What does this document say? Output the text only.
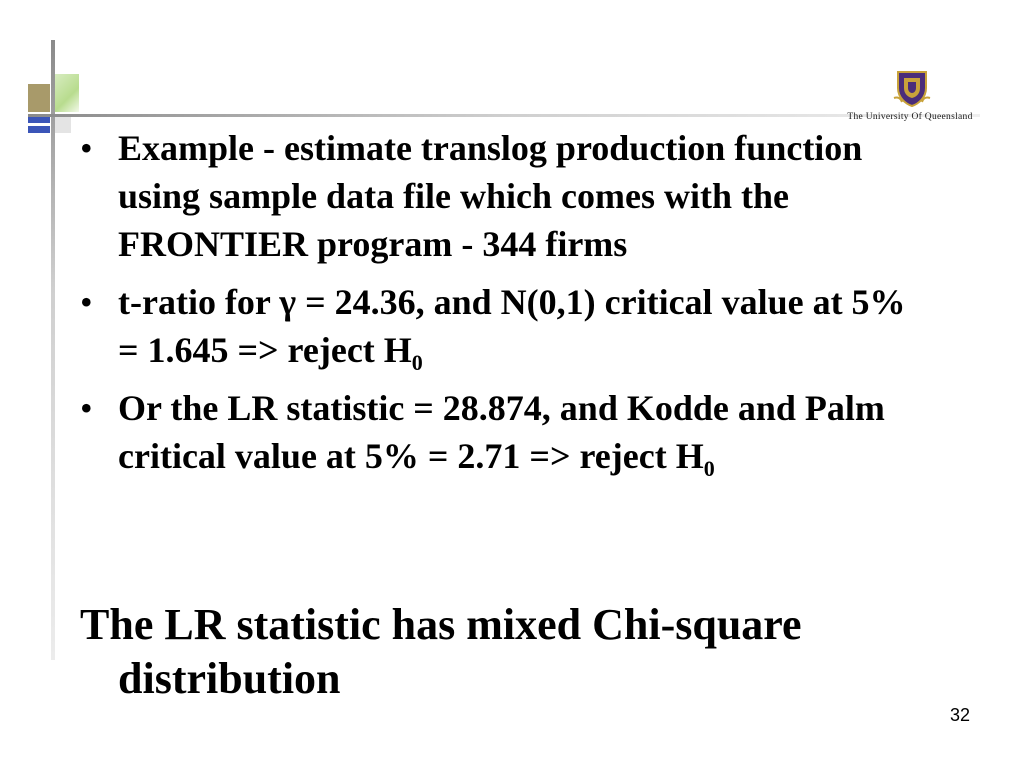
The University Of Queensland
• Example - estimate translog production function using sample data file which comes with the FRONTIER program - 344 firms
• t-ratio for γ = 24.36, and N(0,1) critical value at 5% = 1.645 => reject $H_0$
• Or the LR statistic = 28.874, and Kodde and Palm critical value at 5% = 2.71 => reject $H_0$
The LR statistic has mixed Chi-square distribution
32
